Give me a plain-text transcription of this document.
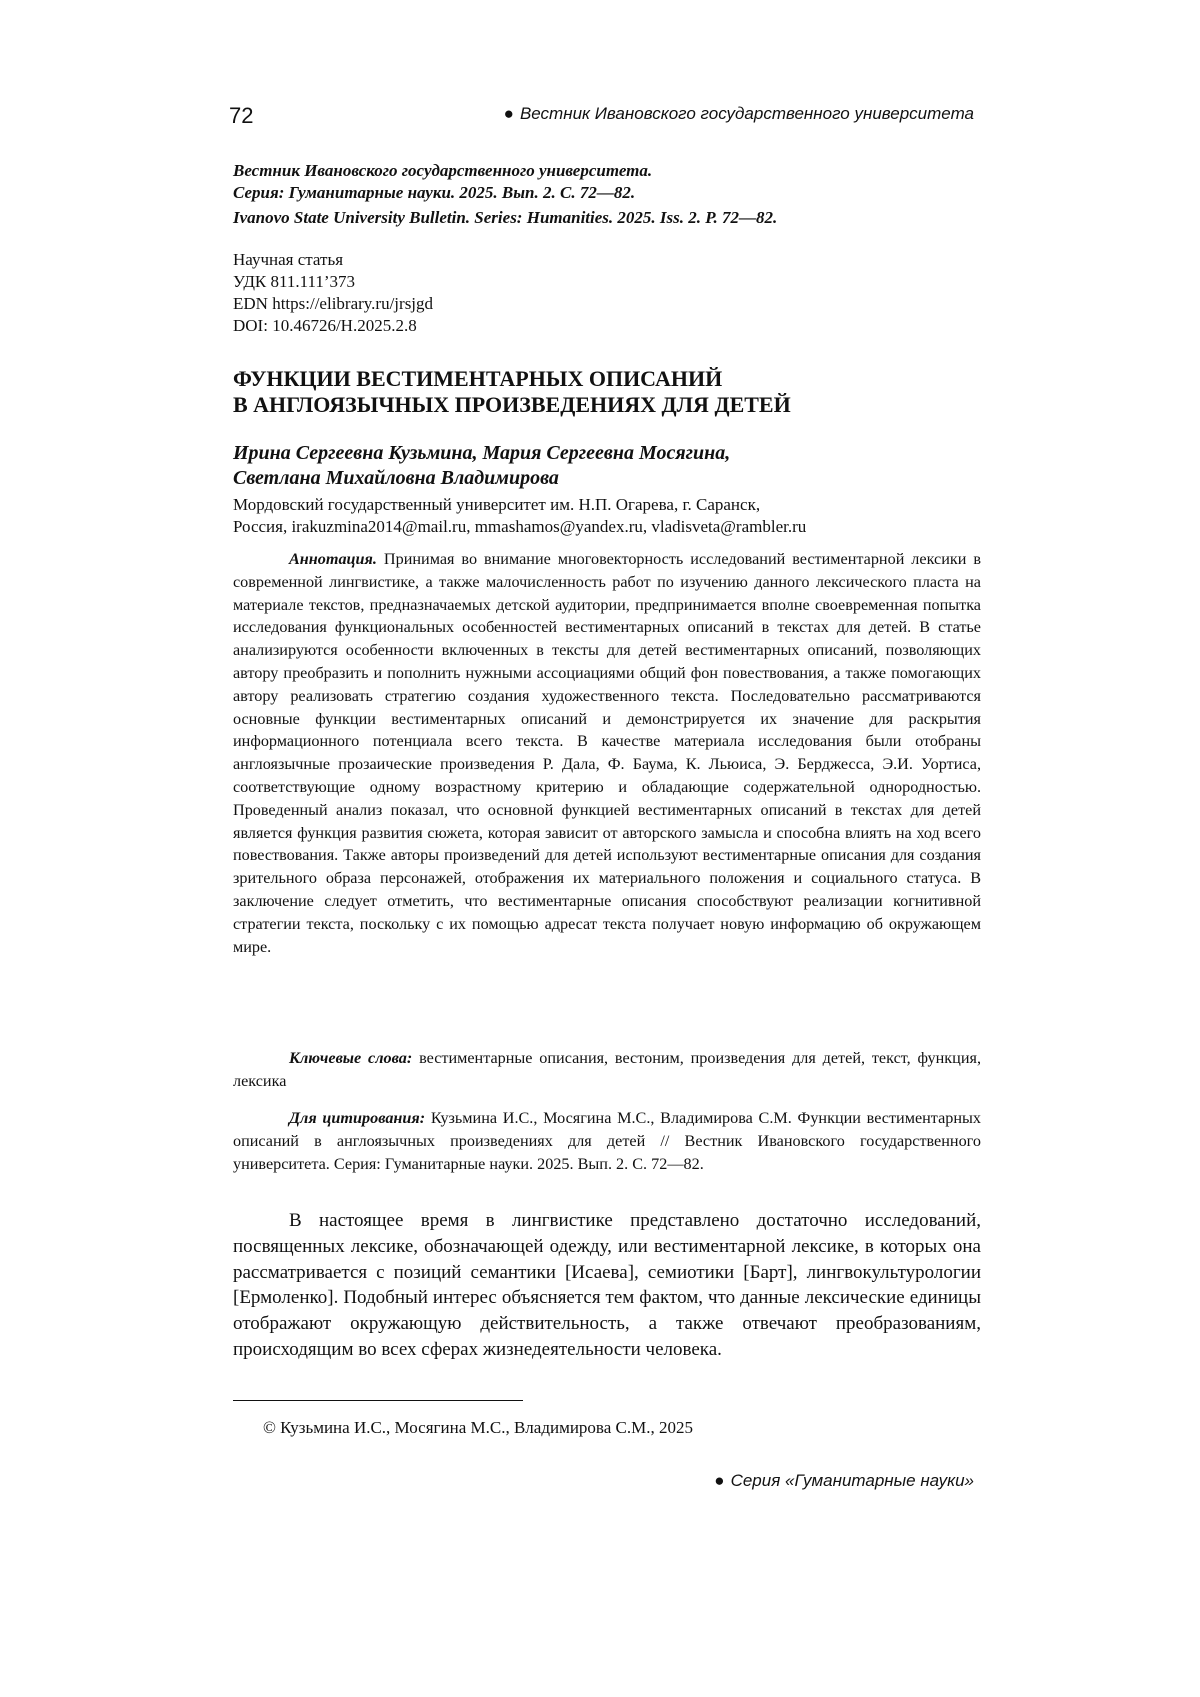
72	● Вестник Ивановского государственного университета
Вестник Ивановского государственного университета.
Серия: Гуманитарные науки. 2025. Вып. 2. С. 72—82.
Ivanovo State University Bulletin. Series: Humanities. 2025. Iss. 2. P. 72—82.
Научная статья
УДК 811.111’373
EDN https://elibrary.ru/jrsjgd
DOI: 10.46726/H.2025.2.8
ФУНКЦИИ ВЕСТИМЕНТАРНЫХ ОПИСАНИЙ
В АНГЛОЯЗЫЧНЫХ ПРОИЗВЕДЕНИЯХ ДЛЯ ДЕТЕЙ
Ирина Сергеевна Кузьмина, Мария Сергеевна Мосягина,
Светлана Михайловна Владимирова
Мордовский государственный университет им. Н.П. Огарева, г. Саранск,
Россия, irakuzmina2014@mail.ru, mmashamos@yandex.ru, vladisveta@rambler.ru

Аннотация. Принимая во внимание многовекторность исследований вестиментарной лексики в современной лингвистике, а также малочисленность работ по изучению данного лексического пласта на материале текстов, предназначаемых детской аудитории, предпринимается вполне своевременная попытка исследования функциональных особенностей вестиментарных описаний в текстах для детей. В статье анализируются особенности включенных в тексты для детей вестиментарных описаний, позволяющих автору преобразить и пополнить нужными ассоциациями общий фон повествования, а также помогающих автору реализовать стратегию создания художественного текста. Последовательно рассматриваются основные функции вестиментарных описаний и демонстрируется их значение для раскрытия информационного потенциала всего текста. В качестве материала исследования были отобраны англоязычные прозаические произведения Р. Дала, Ф. Баума, К. Льюиса, Э. Берджесса, Э.И. Уортиса, соответствующие одному возрастному критерию и обладающие содержательной однородностью. Проведенный анализ показал, что основной функцией вестиментарных описаний в текстах для детей является функция развития сюжета, которая зависит от авторского замысла и способна влиять на ход всего повествования. Также авторы произведений для детей используют вестиментарные описания для создания зрительного образа персонажей, отображения их материального положения и социального статуса. В заключение следует отметить, что вестиментарные описания способствуют реализации когнитивной стратегии текста, поскольку с их помощью адресат текста получает новую информацию об окружающем мире.

Ключевые слова: вестиментарные описания, вестоним, произведения для детей, текст, функция, лексика

Для цитирования: Кузьмина И.С., Мосягина М.С., Владимирова С.М. Функции вестиментарных описаний в англоязычных произведениях для детей // Вестник Ивановского государственного университета. Серия: Гуманитарные науки. 2025. Вып. 2. С. 72—82.

В настоящее время в лингвистике представлено достаточно исследований, посвященных лексике, обозначающей одежду, или вестиментарной лексике, в которых она рассматривается с позиций семантики [Исаева], семиотики [Барт], лингвокультурологии [Ермоленко]. Подобный интерес объясняется тем фактом, что данные лексические единицы отображают окружающую действительность, а также отвечают преобразованиям, происходящим во всех сферах жизнедеятельности человека.

© Кузьмина И.С., Мосягина М.С., Владимирова С.М., 2025
● Серия «Гуманитарные науки»
